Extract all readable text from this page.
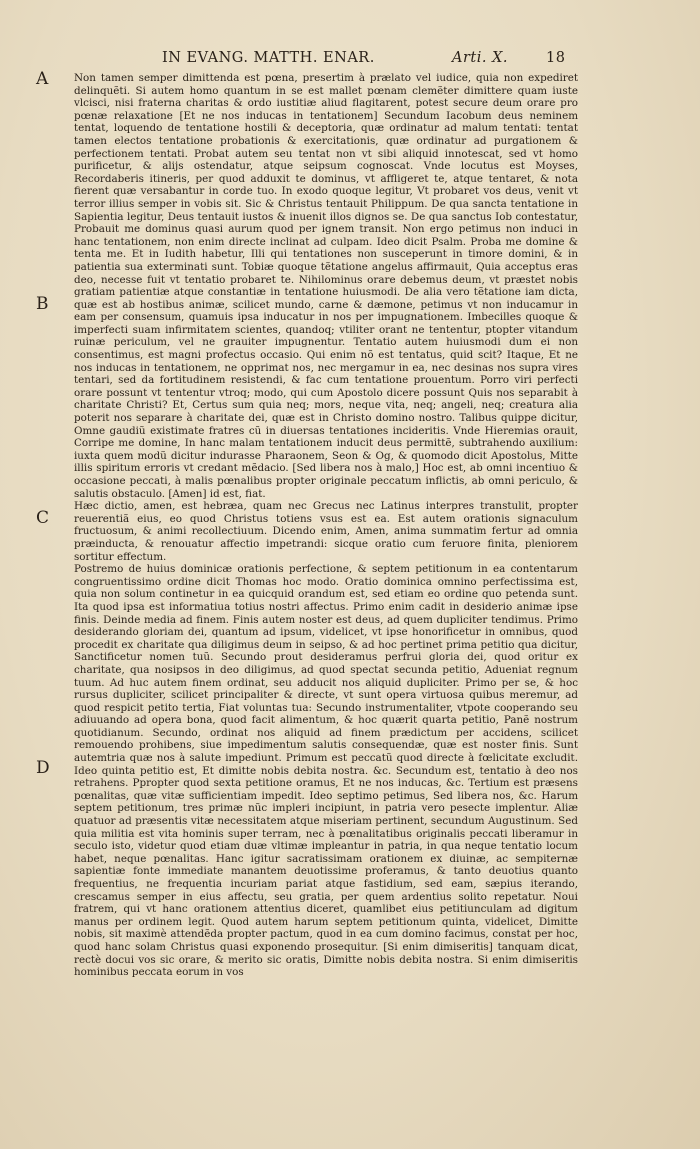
IN EVANG. MATTH. ENAR.	Arti. X.	18
A
B
C
D

Non tamen semper dimittenda est pœna, presertim à prælato vel iudice, quia non expediret delinquẽti. Si autem homo quantum in se est mallet pœnam clemẽter dimittere quam iuste vlcisci, nisi fraterna charitas & ordo iustitiæ aliud flagitarent, potest secure deum orare pro pœnæ relaxatione [Et ne nos inducas in tentationem] Secundum Iacobum deus neminem tentat, loquendo de tentatione hostili & deceptoria, quæ ordinatur ad malum tentati: tentat tamen electos tentatione probationis & exercitationis, quæ ordinatur ad purgationem & perfectionem tentati. Probat autem seu tentat non vt sibi aliquid innotescat, sed vt homo purificetur, & alijs ostendatur, atque seipsum cognoscat. Vnde locutus est Moyses, Recordaberis itineris, per quod adduxit te dominus, vt affligeret te, atque tentaret, & nota fierent quæ versabantur in corde tuo. In exodo quoque legitur, Vt probaret vos deus, venit vt terror illius semper in vobis sit. Sic & Christus tentauit Philippum. De qua sancta tentatione in Sapientia legitur, Deus tentauit iustos & inuenit illos dignos se. De qua sanctus Iob contestatur, Probauit me dominus quasi aurum quod per ignem transit. Non ergo petimus non induci in hanc tentationem, non enim directe inclinat ad culpam. Ideo dicit Psalm. Proba me domine & tenta me. Et in Iudith habetur, Illi qui tentationes non susceperunt in timore domini, & in patientia sua exterminati sunt. Tobiæ quoque tẽtatione angelus affirmauit, Quia acceptus eras deo, necesse fuit vt tentatio probaret te. Nihilominus orare debemus deum, vt præstet nobis gratiam patientiæ atque constantiæ in tentatione huiusmodi. De alia vero tẽtatione iam dicta, quæ est ab hostibus animæ, scilicet mundo, carne & dæmone, petimus vt non inducamur in eam per consensum, quamuis ipsa inducatur in nos per impugnationem. Imbecilles quoque & imperfecti suam infirmitatem scientes, quandoq; vtiliter orant ne tententur, ptopter vitandum ruinæ periculum, vel ne grauiter impugnentur. Tentatio autem huiusmodi dum ei non consentimus, est magni profectus occasio. Qui enim nõ est tentatus, quid scit? Itaque, Et ne nos inducas in tentationem, ne opprimat nos, nec mergamur in ea, nec desinas nos supra vires tentari, sed da fortitudinem resistendi, & fac cum tentatione prouentum. Porro viri perfecti orare possunt vt tententur vtroq; modo, qui cum Apostolo dicere possunt Quis nos separabit à charitate Christi? Et, Certus sum quia neq; mors, neque vita, neq; angeli, neq; creatura alia poterit nos separare à charitate dei, quæ est in Christo domino nostro. Talibus quippe dicitur, Omne gaudiũ existimate fratres cũ in diuersas tentationes incideritis. Vnde Hieremias orauit, Corripe me domine, In hanc malam tentationem inducit deus permittẽ, subtrahendo auxilium: iuxta quem modũ dicitur indurasse Pharaonem, Seon & Og, & quomodo dicit Apostolus, Mitte illis spiritum erroris vt credant mẽdacio. [Sed libera nos à malo,] Hoc est, ab omni incentiuo & occasione peccati, à malis pœnalibus propter originale peccatum inflictis, ab omni periculo, & salutis obstaculo. [Amen] id est, fiat.

Hæc dictio, amen, est hebræa, quam nec Grecus nec Latinus interpres transtulit, propter reuerentiã eius, eo quod Christus totiens vsus est ea. Est autem orationis signaculum fructuosum, & animi recollectiuum. Dicendo enim, Amen, anima summatim fertur ad omnia præinducta, & renouatur affectio impetrandi: sicque oratio cum feruore finita, pleniorem sortitur effectum.

Postremo de huius dominicæ orationis perfectione, & septem petitionum in ea contentarum congruentissimo ordine dicit Thomas hoc modo. Oratio dominica omnino perfectissima est, quia non solum continetur in ea quicquid orandum est, sed etiam eo ordine quo petenda sunt. Ita quod ipsa est informatiua totius nostri affectus. Primo enim cadit in desiderio animæ ipse finis. Deinde media ad finem. Finis autem noster est deus, ad quem dupliciter tendimus. Primo desiderando gloriam dei, quantum ad ipsum, videlicet, vt ipse honorificetur in omnibus, quod procedit ex charitate qua diligimus deum in seipso, & ad hoc pertinet prima petitio qua dicitur, Sanctificetur nomen tuũ. Secundo prout desideramus perfrui gloria dei, quod oritur ex charitate, qua nosipsos in deo diligimus, ad quod spectat secunda petitio, Adueniat regnum tuum. Ad huc autem finem ordinat, seu adducit nos aliquid dupliciter. Primo per se, & hoc rursus dupliciter, scilicet principaliter & directe, vt sunt opera virtuosa quibus meremur, ad quod respicit petito tertia, Fiat voluntas tua: Secundo instrumentaliter, vtpote cooperando seu adiuuando ad opera bona, quod facit alimentum, & hoc quærit quarta petitio, Panẽ nostrum quotidianum. Secundo, ordinat nos aliquid ad finem prædictum per accidens, scilicet remouendo prohibens, siue impedimentum salutis consequendæ, quæ est noster finis. Sunt autemtria quæ nos à salute impediunt. Primum est peccatũ quod directe à fœlicitate excludit. Ideo quinta petitio est, Et dimitte nobis debita nostra. &c. Secundum est, tentatio à deo nos retrahens. Ppropter quod sexta petitione oramus, Et ne nos inducas, &c. Tertium est præsens pœnalitas, quæ vitæ sufficientiam impedit. Ideo septimo petimus, Sed libera nos, &c. Harum septem petitionum, tres primæ nũc impleri incipiunt, in patria vero pesecte implentur. Aliæ quatuor ad præsentis vitæ necessitatem atque miseriam pertinent, secundum Augustinum. Sed quia militia est vita hominis super terram, nec à pœnalitatibus originalis peccati liberamur in seculo isto, videtur quod etiam duæ vltimæ impleantur in patria, in qua neque tentatio locum habet, neque pœnalitas. Hanc igitur sacratissimam orationem ex diuinæ, ac sempiternæ sapientiæ fonte immediate manantem deuotissime proferamus, & tanto deuotius quanto frequentius, ne frequentia incuriam pariat atque fastidium, sed eam, sæpius iterando, crescamus semper in eius affectu, seu gratia, per quem ardentius solito repetatur. Noui fratrem, qui vt hanc orationem attentius diceret, quamlibet eius petitiunculam ad digitum manus per ordinem legit. Quod autem harum septem petitionum quinta, videlicet, Dimitte nobis, sit maximè attendẽda propter pactum, quod in ea cum domino facimus, constat per hoc, quod hanc solam Christus quasi exponendo prosequitur. [Si enim dimiseritis] tanquam dicat, rectè docui vos sic orare, & merito sic oratis, Dimitte nobis debita nostra. Si enim dimiseritis hominibus peccata eorum in vos
